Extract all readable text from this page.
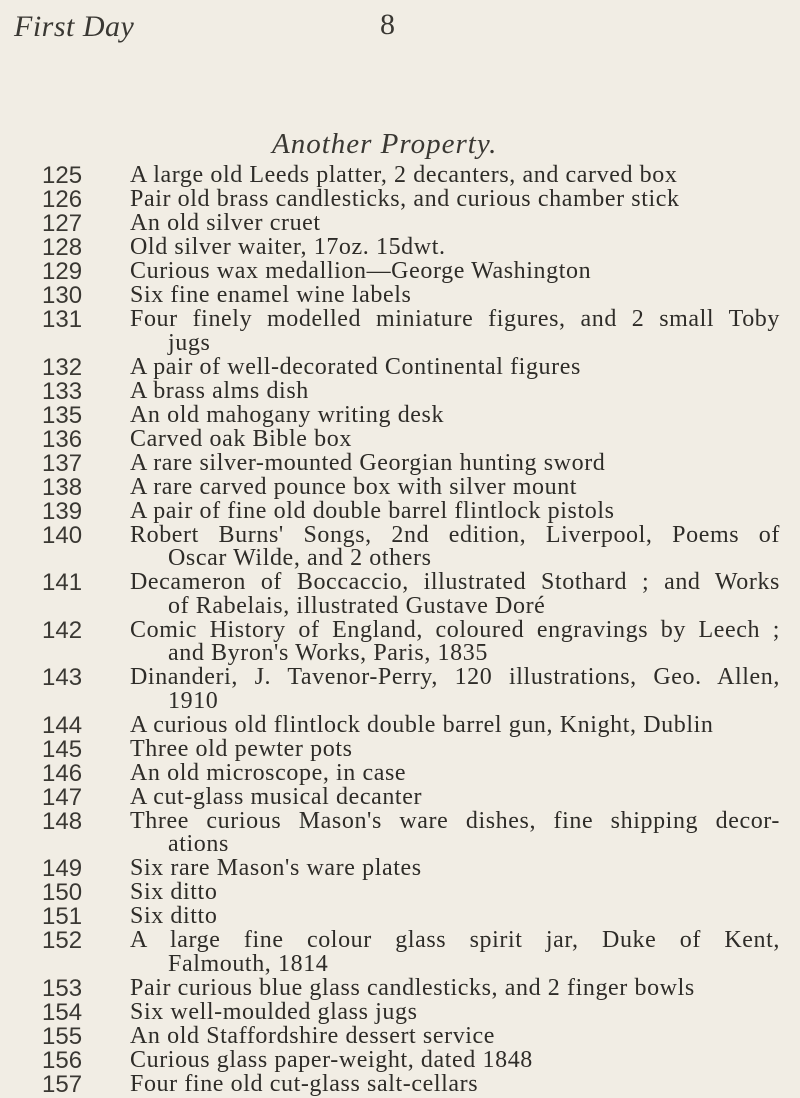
First Day	8
Another Property.
125	A large old Leeds platter, 2 decanters, and carved box
126	Pair old brass candlesticks, and curious chamber stick
127	An old silver cruet
128	Old silver waiter, 17oz. 15dwt.
129	Curious wax medallion—George Washington
130	Six fine enamel wine labels
131	Four finely modelled miniature figures, and 2 small Toby
jugs
132	A pair of well-decorated Continental figures
133	A brass alms dish
135	An old mahogany writing desk
136	Carved oak Bible box
137	A rare silver-mounted Georgian hunting sword
138	A rare carved pounce box with silver mount
139	A pair of fine old double barrel flintlock pistols
140	Robert Burns' Songs, 2nd edition, Liverpool, Poems of
Oscar Wilde, and 2 others
141	Decameron of Boccaccio, illustrated Stothard ; and Works
of Rabelais, illustrated Gustave Doré
142	Comic History of England, coloured engravings by Leech ;
and Byron's Works, Paris, 1835
143	Dinanderi, J. Tavenor-Perry, 120 illustrations, Geo. Allen,
1910
144	A curious old flintlock double barrel gun, Knight, Dublin
145	Three old pewter pots
146	An old microscope, in case
147	A cut-glass musical decanter
148	Three curious Mason's ware dishes, fine shipping decor-
ations
149	Six rare Mason's ware plates
150	Six ditto
151	Six ditto
152	A large fine colour glass spirit jar, Duke of Kent,
Falmouth, 1814
153	Pair curious blue glass candlesticks, and 2 finger bowls
154	Six well-moulded glass jugs
155	An old Staffordshire dessert service
156	Curious glass paper-weight, dated 1848
157	Four fine old cut-glass salt-cellars
